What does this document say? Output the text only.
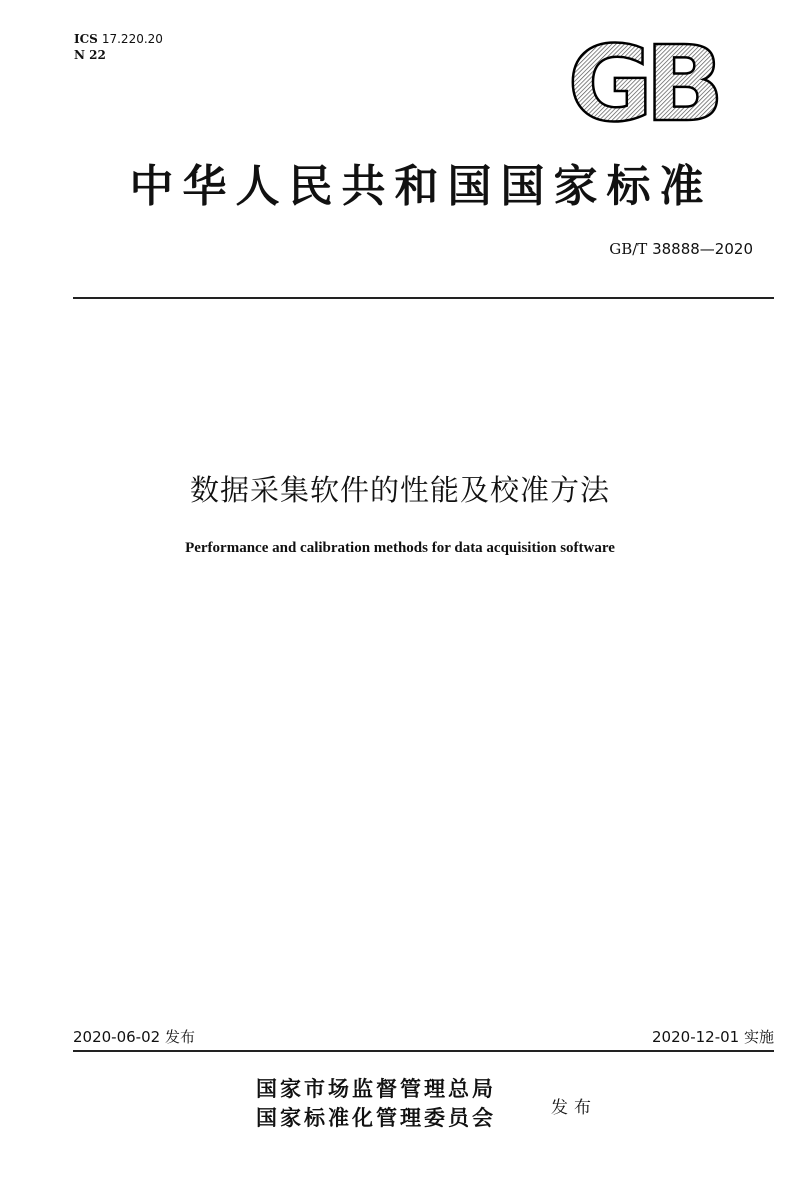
ICS 17.220.20
N 22	GB
中华人民共和国国家标准
GB/T 38888—2020
数据采集软件的性能及校准方法
Performance and calibration methods for data acquisition software
2020-06-02 发布	2020-12-01 实施
国家市场监督管理总局
国家标准化管理委员会	发布
